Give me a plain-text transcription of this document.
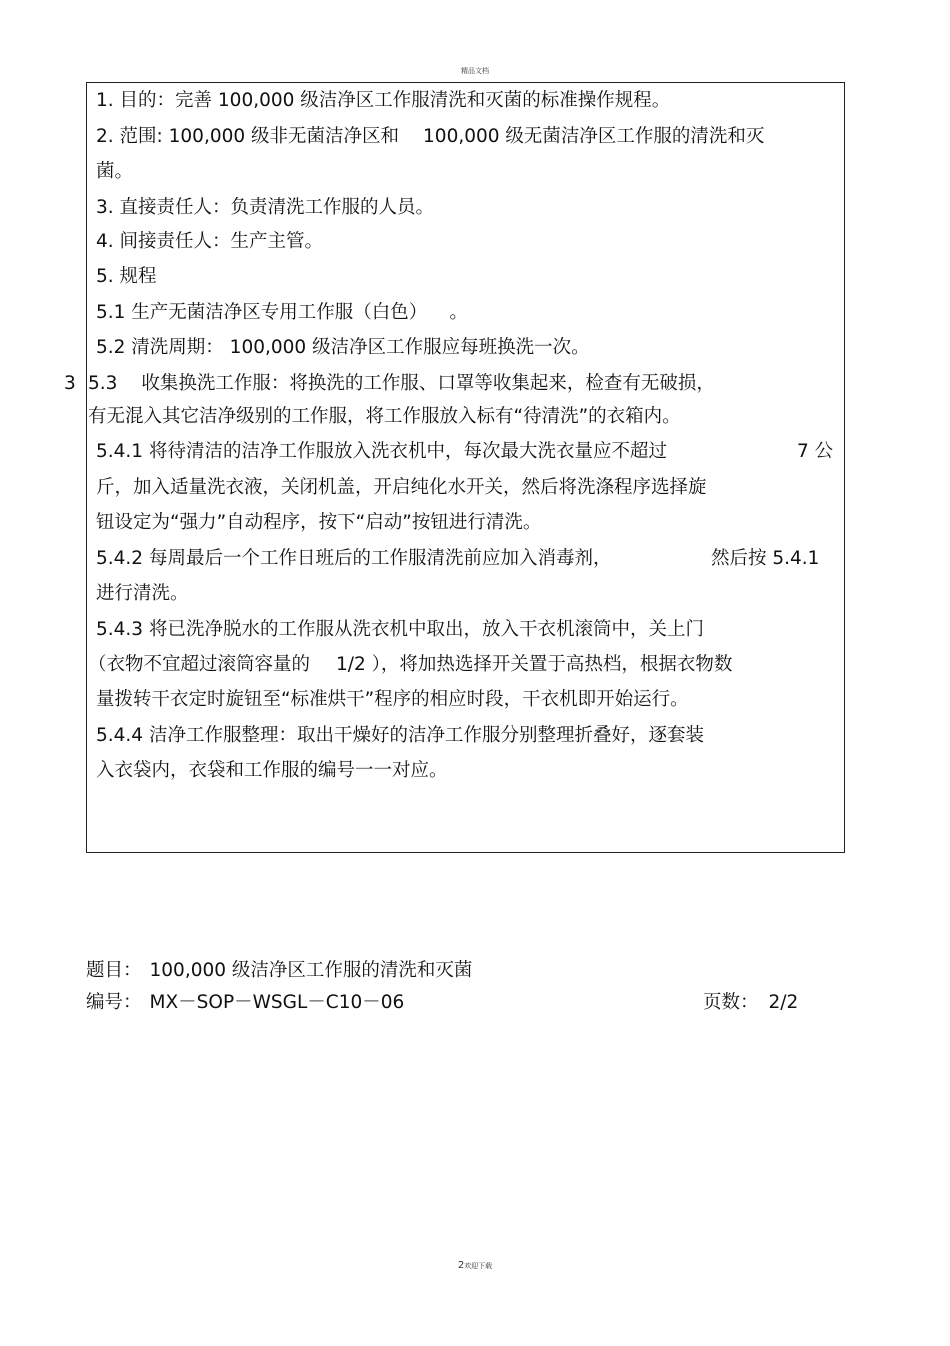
精品文档
1. 目的：完善 100,000 级洁净区工作服清洗和灭菌的标准操作规程。
2. 范围: 100,000 级非无菌洁净区和 100,000 级无菌洁净区工作服的清洗和灭
菌。
3. 直接责任人：负责清洗工作服的人员。
4. 间接责任人：生产主管。
5. 规程
5.1 生产无菌洁净区专用工作服（白色） 。
5.2 清洗周期： 100,000 级洁净区工作服应每班换洗一次。
3 5.3 收集换洗工作服：将换洗的工作服、口罩等收集起来，检查有无破损，
有无混入其它洁净级别的工作服，将工作服放入标有“待清洗”的衣箱内。
5.4.1 将待清洁的洁净工作服放入洗衣机中，每次最大洗衣量应不超过	7 公
斤，加入适量洗衣液，关闭机盖，开启纯化水开关，然后将洗涤程序选择旋
钮设定为“强力”自动程序，按下“启动”按钮进行清洗。
5.4.2 每周最后一个工作日班后的工作服清洗前应加入消毒剂，	然后按 5.4.1
进行清洗。
5.4.3 将已洗净脱水的工作服从洗衣机中取出，放入干衣机滚筒中，关上门
（衣物不宜超过滚筒容量的 1/2 ），将加热选择开关置于高热档，根据衣物数
量拨转干衣定时旋钮至“标准烘干”程序的相应时段，干衣机即开始运行。
5.4.4 洁净工作服整理：取出干燥好的洁净工作服分别整理折叠好，逐套装
入衣袋内，衣袋和工作服的编号一一对应。
题目： 100,000 级洁净区工作服的清洗和灭菌
编号： MX－SOP－WSGL－C10－06	页数： 2/2
2欢迎下载
